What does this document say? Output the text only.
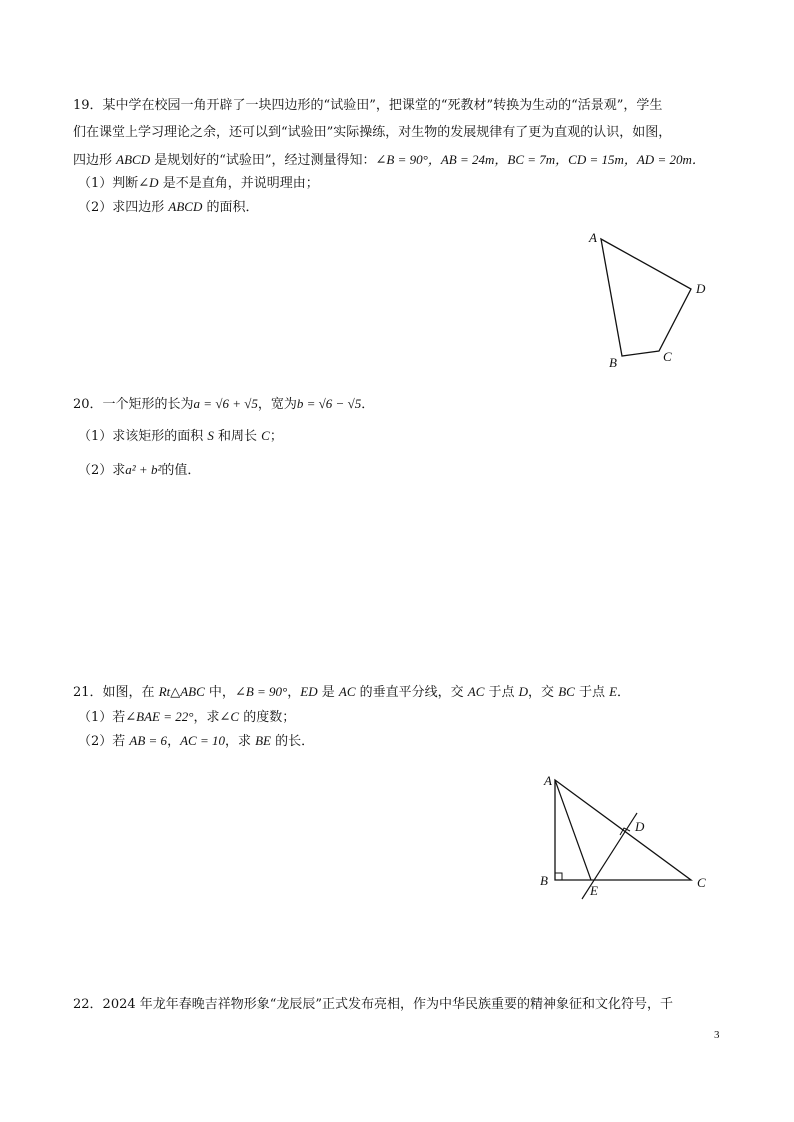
19．某中学在校园一角开辟了一块四边形的“试验田”，把课堂的“死教材”转换为生动的“活景观”，学生
们在课堂上学习理论之余，还可以到“试验田”实际操练，对生物的发展规律有了更为直观的认识，如图，
四边形 ABCD 是规划好的“试验田”，经过测量得知：∠B = 90°，AB = 24m，BC = 7m，CD = 15m，AD = 20m．
（1）判断∠D 是不是直角，并说明理由；
（2）求四边形 ABCD 的面积．
A
D
C
B
20．一个矩形的长为a = √6 + √5，宽为b = √6 − √5．
（1）求该矩形的面积 S 和周长 C；
（2）求a² + b²的值．
21．如图，在 Rt△ABC 中，∠B = 90°，ED 是 AC 的垂直平分线，交 AC 于点 D，交 BC 于点 E．
（1）若∠BAE = 22°，求∠C 的度数；
（2）若 AB = 6，AC = 10，求 BE 的长．
A
B	C
D
E
22．2024 年龙年春晚吉祥物形象“龙辰辰”正式发布亮相，作为中华民族重要的精神象征和文化符号，千
3
